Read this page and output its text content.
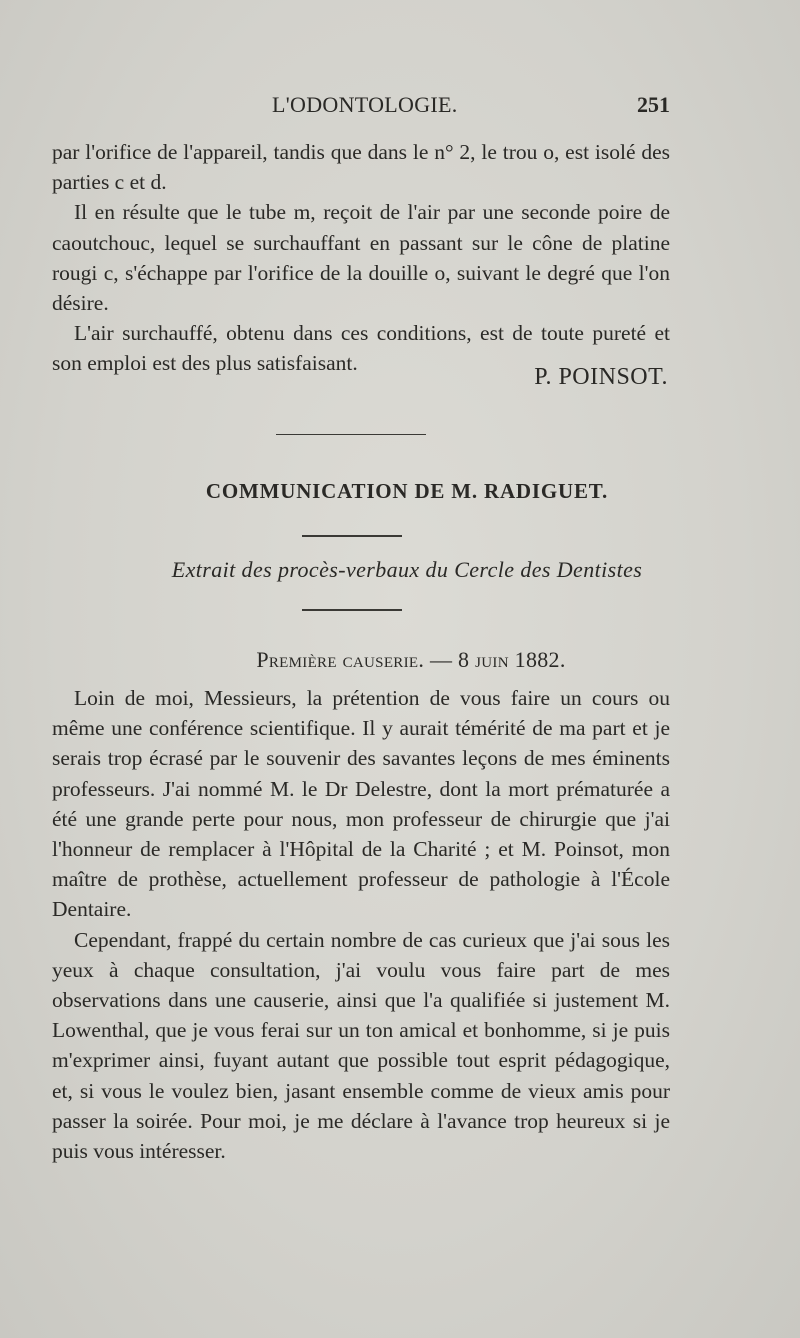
L'ODONTOLOGIE.	251

par l'orifice de l'appareil, tandis que dans le n° 2, le trou o, est isolé des parties c et d.

Il en résulte que le tube m, reçoit de l'air par une seconde poire de caoutchouc, lequel se surchauffant en passant sur le cône de platine rougi c, s'échappe par l'orifice de la douille o, suivant le degré que l'on désire.

L'air surchauffé, obtenu dans ces conditions, est de toute pureté et son emploi est des plus satisfaisant.

P. POINSOT.
COMMUNICATION DE M. RADIGUET.
Extrait des procès-verbaux du Cercle des Dentistes
Première causerie. — 8 juin 1882.

Loin de moi, Messieurs, la prétention de vous faire un cours ou même une conférence scientifique. Il y aurait témérité de ma part et je serais trop écrasé par le souvenir des savantes leçons de mes éminents professeurs. J'ai nommé M. le Dr Delestre, dont la mort prématurée a été une grande perte pour nous, mon professeur de chirurgie que j'ai l'honneur de remplacer à l'Hôpital de la Charité ; et M. Poinsot, mon maître de prothèse, actuellement professeur de pathologie à l'École Dentaire.

Cependant, frappé du certain nombre de cas curieux que j'ai sous les yeux à chaque consultation, j'ai voulu vous faire part de mes observations dans une causerie, ainsi que l'a qualifiée si justement M. Lowenthal, que je vous ferai sur un ton amical et bonhomme, si je puis m'exprimer ainsi, fuyant autant que possible tout esprit pédagogique, et, si vous le voulez bien, jasant ensemble comme de vieux amis pour passer la soirée. Pour moi, je me déclare à l'avance trop heureux si je puis vous intéresser.
